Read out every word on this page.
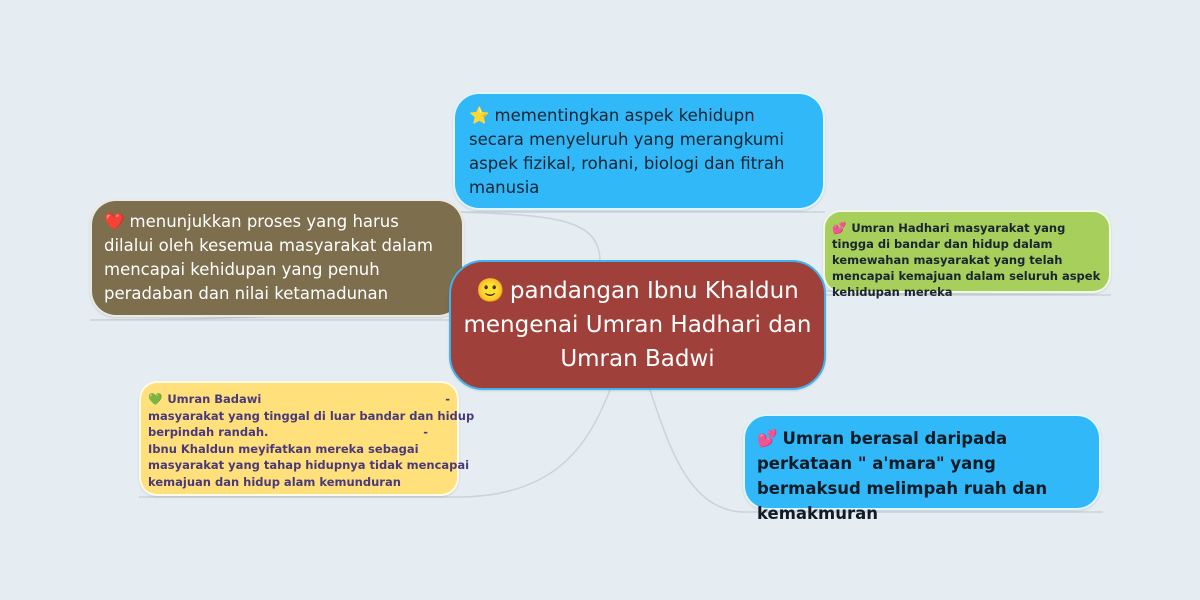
⭐ mementingkan aspek kehidupn secara menyeluruh yang merangkumi aspek fizikal, rohani, biologi dan fitrah manusia
❤️ menunjukkan proses yang harus dilalui oleh kesemua masyarakat dalam mencapai kehidupan yang penuh peradaban dan nilai ketamadunan	🙂 pandangan Ibnu Khaldun mengenai Umran Hadhari dan Umran Badwi
💕 Umran Hadhari masyarakat yang tingga di bandar dan hidup dalam kemewahan masyarakat yang telah mencapai kemajuan dalam seluruh aspek kehidupan mereka
💚 Umran Badawi	-
masyarakat yang tinggal di luar bandar dan hidup
berpindah randah.	-
Ibnu Khaldun meyifatkan mereka sebagai
masyarakat yang tahap hidupnya tidak mencapai
kemajuan dan hidup alam kemunduran
💕 Umran berasal daripada perkataan " a'mara" yang bermaksud melimpah ruah dan kemakmuran
